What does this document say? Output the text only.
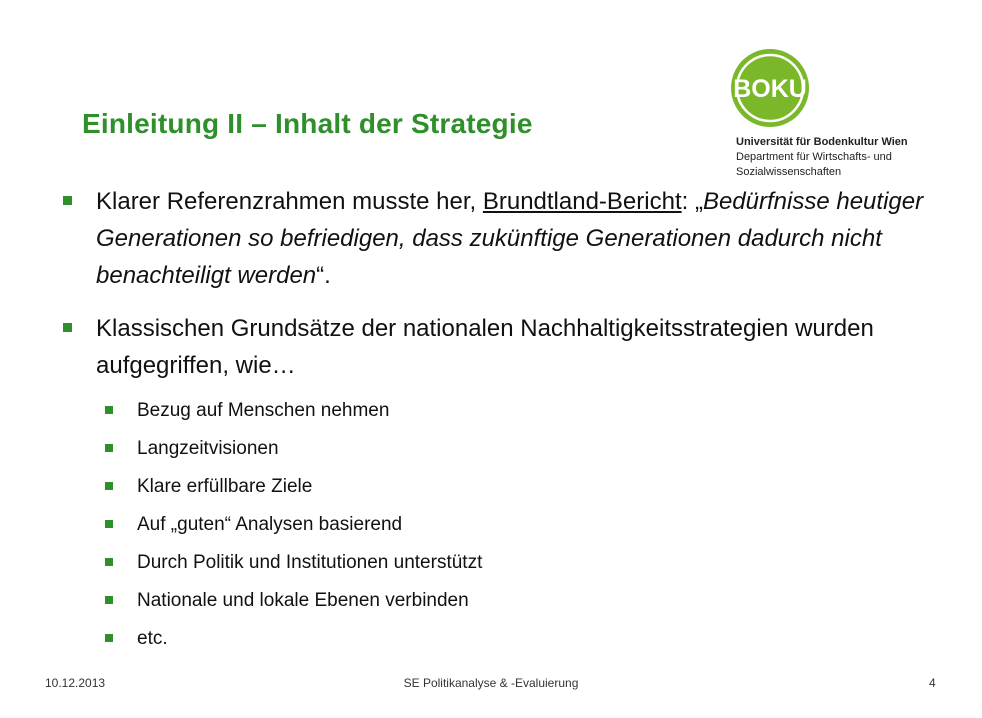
BOKU
Universität für Bodenkultur Wien
Department für Wirtschafts- und
Sozialwissenschaften
Einleitung II – Inhalt der Strategie
Klarer Referenzrahmen musste her, Brundtland-Bericht: „Bedürfnisse heutiger Generationen so befriedigen, dass zukünftige Generationen dadurch nicht benachteiligt werden“.
Klassischen Grundsätze der nationalen Nachhaltigkeitsstrategien wurden aufgegriffen, wie…
Bezug auf Menschen nehmen
Langzeitvisionen
Klare erfüllbare Ziele
Auf „guten“ Analysen basierend
Durch Politik und Institutionen unterstützt
Nationale und lokale Ebenen verbinden
etc.
10.12.2013	SE Politikanalyse & -Evaluierung	4
